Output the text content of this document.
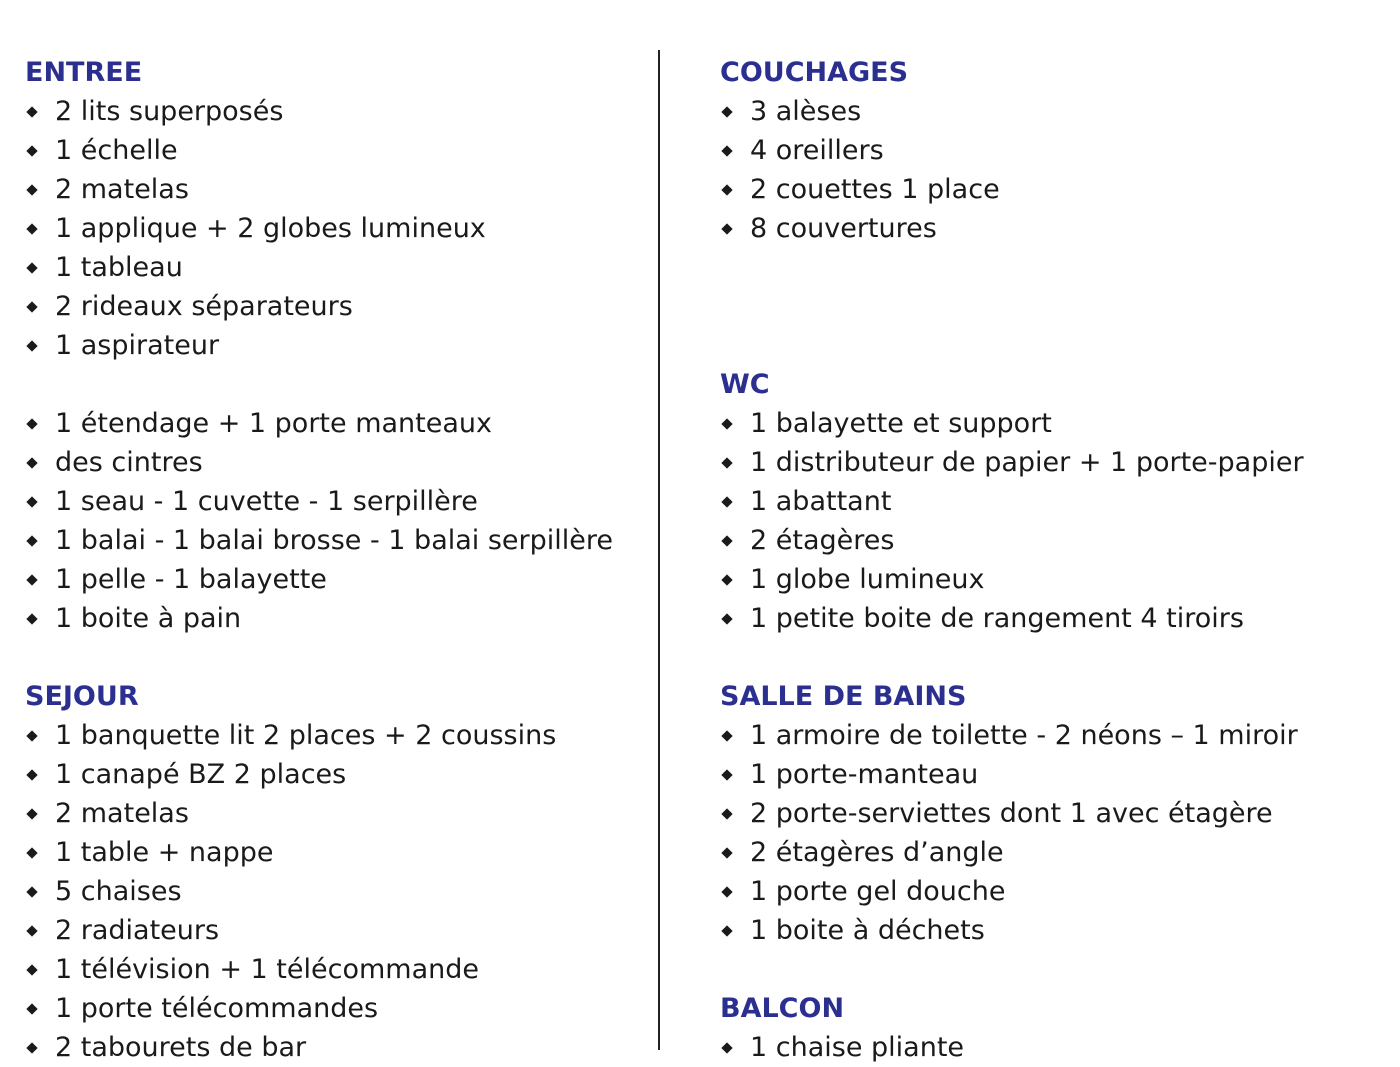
ENTREE
2 lits superposés
1 échelle
2 matelas
1 applique + 2 globes lumineux
1 tableau
2 rideaux séparateurs
1 aspirateur
1 étendage + 1 porte manteaux
des cintres
1 seau - 1 cuvette - 1 serpillère
1 balai - 1 balai brosse - 1 balai serpillère
1 pelle - 1 balayette
1 boite à pain
SEJOUR
1 banquette lit 2 places + 2 coussins
1 canapé BZ 2 places
2 matelas
1 table + nappe
5 chaises
2 radiateurs
1 télévision + 1 télécommande
1 porte télécommandes
2 tabourets de bar
COUCHAGES
3 alèses
4 oreillers
2 couettes 1 place
8 couvertures
WC
1 balayette et support
1 distributeur de papier + 1 porte-papier
1 abattant
2 étagères
1 globe lumineux
1 petite boite de rangement 4 tiroirs
SALLE DE BAINS
1 armoire de toilette - 2 néons – 1 miroir
1 porte-manteau
2 porte-serviettes dont 1 avec étagère
2 étagères d’angle
1 porte gel douche
1 boite à déchets
BALCON
1 chaise pliante
